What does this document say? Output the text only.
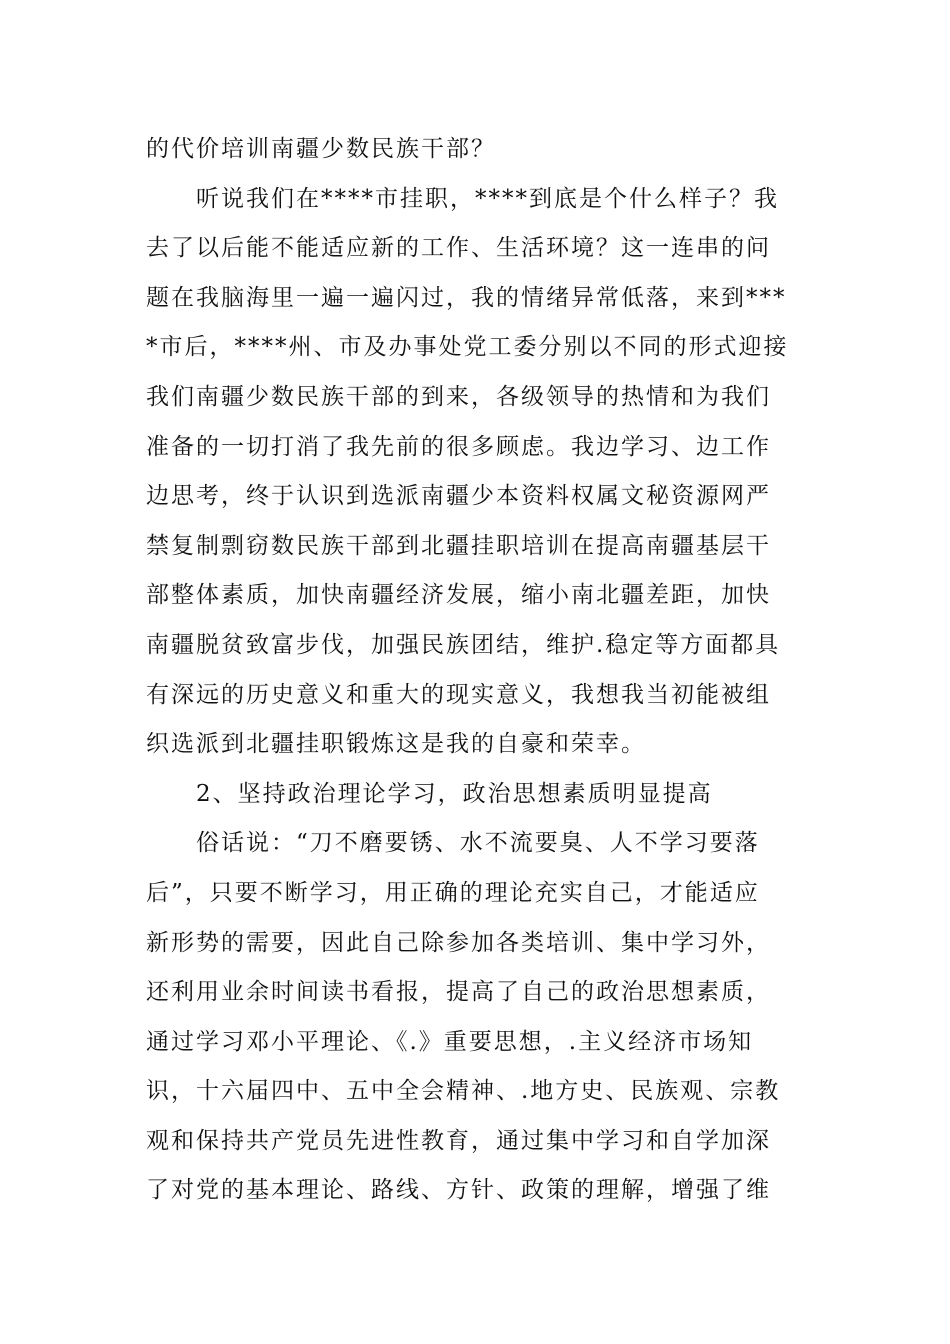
的代价培训南疆少数民族干部？
听说我们在****市挂职，****到底是个什么样子？我
去了以后能不能适应新的工作、生活环境？这一连串的问
题在我脑海里一遍一遍闪过，我的情绪异常低落，来到***
*市后，****州、市及办事处党工委分别以不同的形式迎接
我们南疆少数民族干部的到来，各级领导的热情和为我们
准备的一切打消了我先前的很多顾虑。我边学习、边工作
边思考，终于认识到选派南疆少本资料权属文秘资源网严
禁复制剽窃数民族干部到北疆挂职培训在提高南疆基层干
部整体素质，加快南疆经济发展，缩小南北疆差距，加快
南疆脱贫致富步伐，加强民族团结，维护.稳定等方面都具
有深远的历史意义和重大的现实意义，我想我当初能被组
织选派到北疆挂职锻炼这是我的自豪和荣幸。
2、坚持政治理论学习，政治思想素质明显提高
俗话说：“刀不磨要锈、水不流要臭、人不学习要落
后”，只要不断学习，用正确的理论充实自己，才能适应
新形势的需要，因此自己除参加各类培训、集中学习外，
还利用业余时间读书看报，提高了自己的政治思想素质，
通过学习邓小平理论、《.》重要思想，.主义经济市场知
识，十六届四中、五中全会精神、.地方史、民族观、宗教
观和保持共产党员先进性教育，通过集中学习和自学加深
了对党的基本理论、路线、方针、政策的理解，增强了维
